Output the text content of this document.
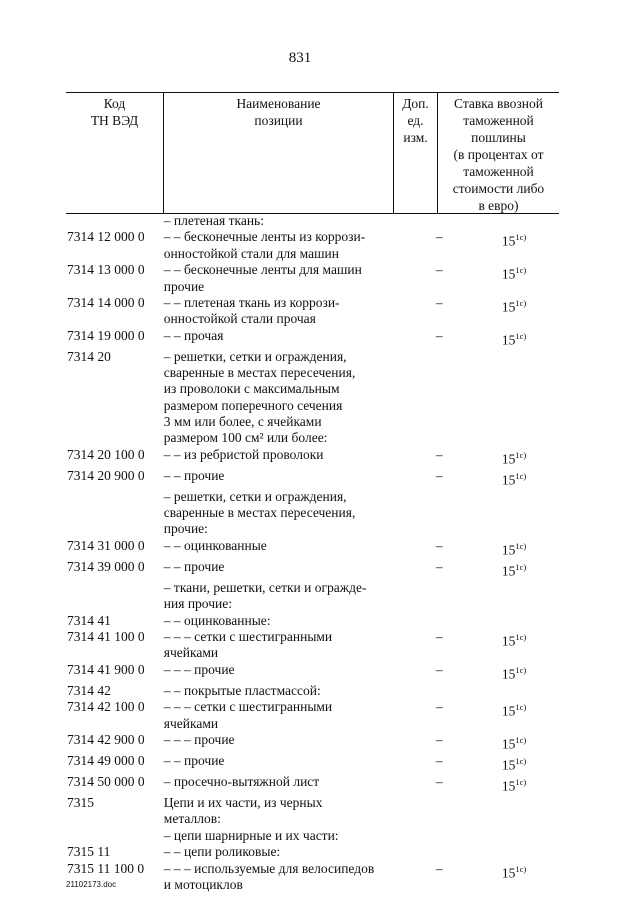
831
Код
ТН ВЭД
Наименование
позиции
Доп.
ед.
изм.
Ставка ввозной
таможенной
пошлины
(в процентах от
таможенной
стоимости либо
в евро)
– плетеная ткань:
7314 12 000 0	– – бесконечные ленты из коррози-
онностойкой стали для машин
–	$15^{1c)}$
7314 13 000 0	– – бесконечные ленты для машин
прочие
–	$15^{1c)}$
7314 14 000 0	– – плетеная ткань из коррози-
онностойкой стали прочая
–	$15^{1c)}$
7314 19 000 0	– – прочая	–	$15^{1c)}$
7314 20	– решетки, сетки и ограждения,
сваренные в местах пересечения,
из проволоки с максимальным
размером поперечного сечения
3 мм или более, с ячейками
размером 100 см² или более:
7314 20 100 0	– – из ребристой проволоки	–	$15^{1c)}$
7314 20 900 0	– – прочие	–	$15^{1c)}$
– решетки, сетки и ограждения,
сваренные в местах пересечения,
прочие:
7314 31 000 0	– – оцинкованные	–	$15^{1c)}$
7314 39 000 0	– – прочие	–	$15^{1c)}$
– ткани, решетки, сетки и огражде-
ния прочие:
7314 41	– – оцинкованные:
7314 41 100 0	– – – сетки с шестигранными
ячейками
–	$15^{1c)}$
7314 41 900 0	– – – прочие	–	$15^{1c)}$
7314 42	– – покрытые пластмассой:
7314 42 100 0	– – – сетки с шестигранными
ячейками
–	$15^{1c)}$
7314 42 900 0	– – – прочие	–	$15^{1c)}$
7314 49 000 0	– – прочие	–	$15^{1c)}$
7314 50 000 0	– просечно-вытяжной лист	–	$15^{1c)}$
7315	Цепи и их части, из черных
металлов:
– цепи шарнирные и их части:
7315 11	– – цепи роликовые:
7315 11 100 0	– – – используемые для велосипедов
и мотоциклов
–	$15^{1c)}$
21102173.doc
